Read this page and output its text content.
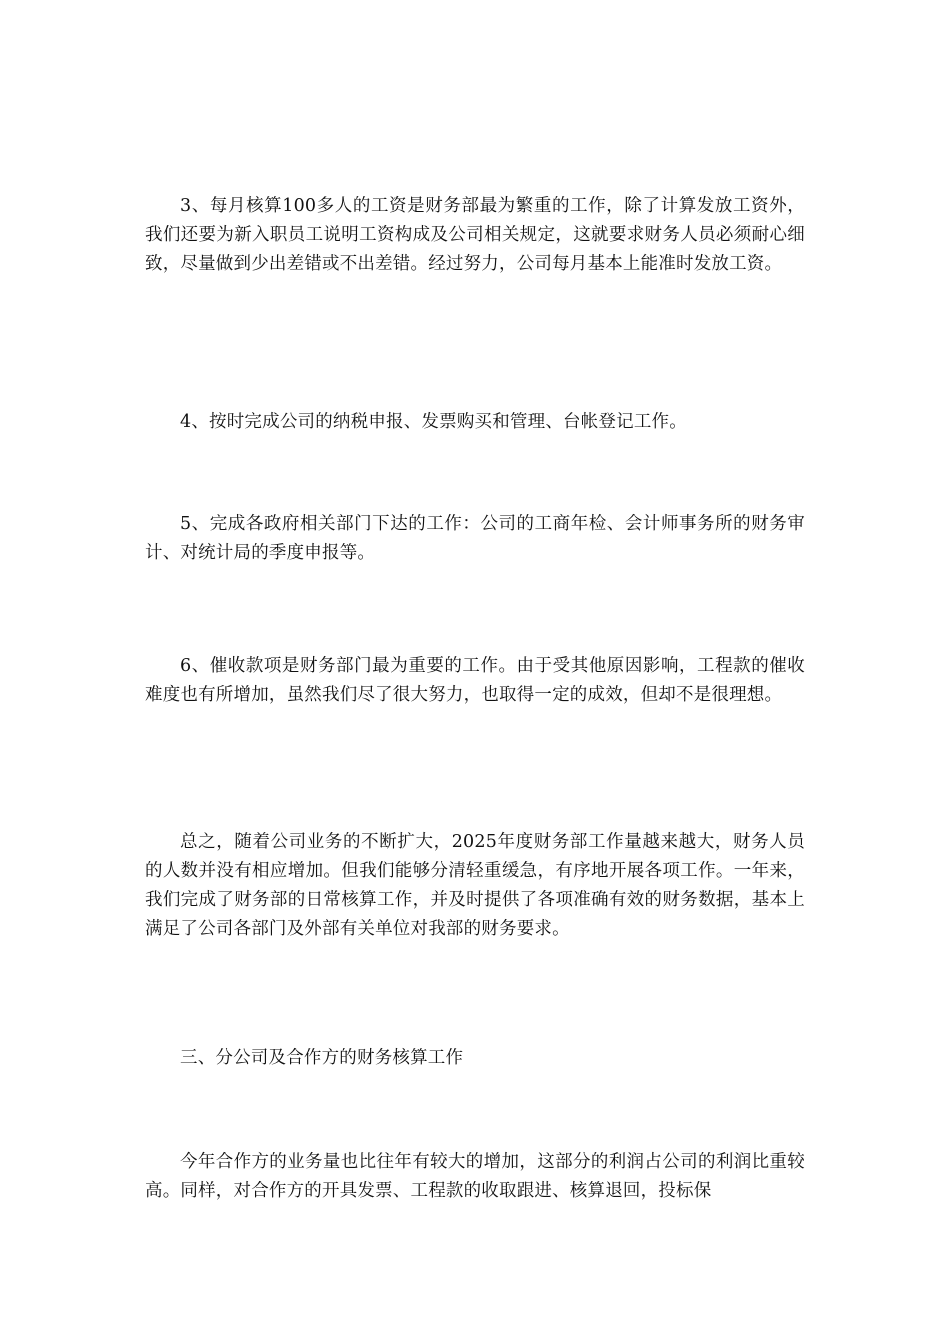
3、每月核算100多人的工资是财务部最为繁重的工作，除了计算发放工资外，我们还要为新入职员工说明工资构成及公司相关规定，这就要求财务人员必须耐心细致，尽量做到少出差错或不出差错。经过努力，公司每月基本上能准时发放工资。

4、按时完成公司的纳税申报、发票购买和管理、台帐登记工作。

5、完成各政府相关部门下达的工作：公司的工商年检、会计师事务所的财务审计、对统计局的季度申报等。

6、催收款项是财务部门最为重要的工作。由于受其他原因影响，工程款的催收难度也有所增加，虽然我们尽了很大努力，也取得一定的成效，但却不是很理想。

总之，随着公司业务的不断扩大，2025年度财务部工作量越来越大，财务人员的人数并没有相应增加。但我们能够分清轻重缓急，有序地开展各项工作。一年来，我们完成了财务部的日常核算工作，并及时提供了各项准确有效的财务数据，基本上满足了公司各部门及外部有关单位对我部的财务要求。

三、分公司及合作方的财务核算工作

今年合作方的业务量也比往年有较大的增加，这部分的利润占公司的利润比重较高。同样，对合作方的开具发票、工程款的收取跟进、核算退回，投标保
